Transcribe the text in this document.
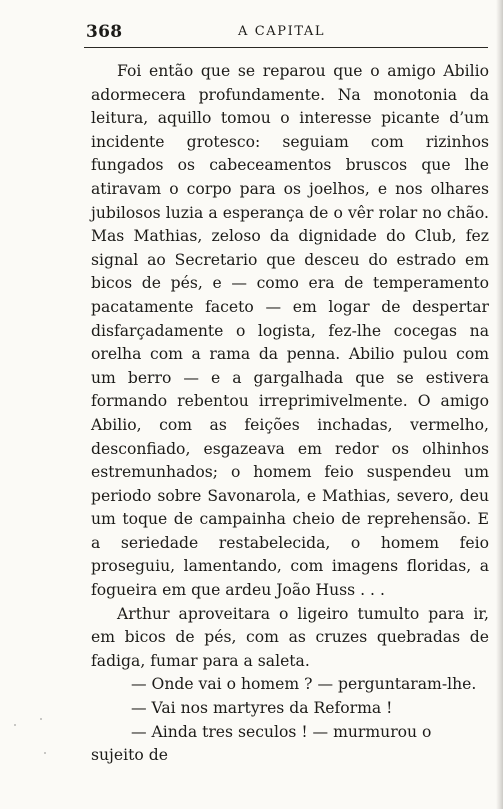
368	A CAPITAL

Foi então que se reparou que o amigo Abilio adormecera profundamente. Na monotonia da leitura, aquillo tomou o interesse picante d’um incidente grotesco: seguiam com rizinhos fungados os cabeceamentos bruscos que lhe atiravam o corpo para os joelhos, e nos olhares jubilosos luzia a esperança de o vêr rolar no chão. Mas Mathias, zeloso da dignidade do Club, fez signal ao Secretario que desceu do estrado em bicos de pés, e — como era de temperamento pacatamente faceto — em logar de despertar disfarçadamente o logista, fez-lhe cocegas na orelha com a rama da penna. Abilio pulou com um berro — e a gargalhada que se estivera formando rebentou irreprimivelmente. O amigo Abilio, com as feições inchadas, vermelho, desconfiado, esgazeava em redor os olhinhos estremunhados; o homem feio suspendeu um periodo sobre Savonarola, e Mathias, severo, deu um toque de campainha cheio de reprehensão. E a seriedade restabelecida, o homem feio proseguiu, lamentando, com imagens floridas, a fogueira em que ardeu João Huss . . .

Arthur aproveitara o ligeiro tumulto para ir, em bicos de pés, com as cruzes quebradas de fadiga, fumar para a saleta.

— Onde vai o homem ? — perguntaram-lhe.

— Vai nos martyres da Reforma !

— Ainda tres seculos ! — murmurou o sujeito de
